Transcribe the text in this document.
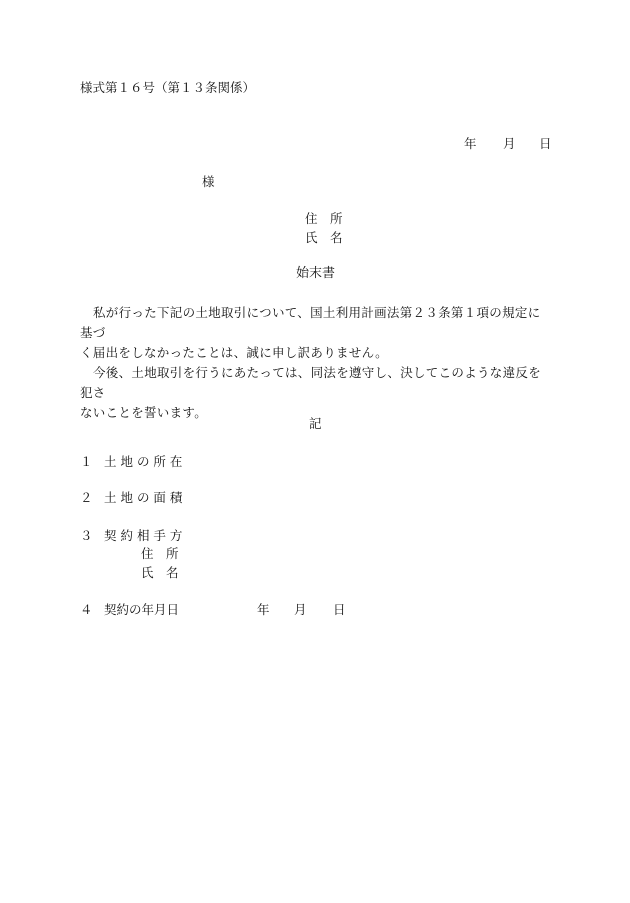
様式第１６号（第１３条関係）
年 月 日
様
住　所
氏　名
始末書
私が行った下記の土地取引について、国土利用計画法第２３条第１項の規定に基づ
く届出をしなかったことは、誠に申し訳ありません。
今後、土地取引を行うにあたっては、同法を遵守し、決してこのような違反を犯さ
ないことを誓います。
記
１ 土 地 の 所 在
２ 土 地 の 面 積
３ 契 約 相 手 方
住　所
氏　名
４ 契約の年月日	年 月 日
